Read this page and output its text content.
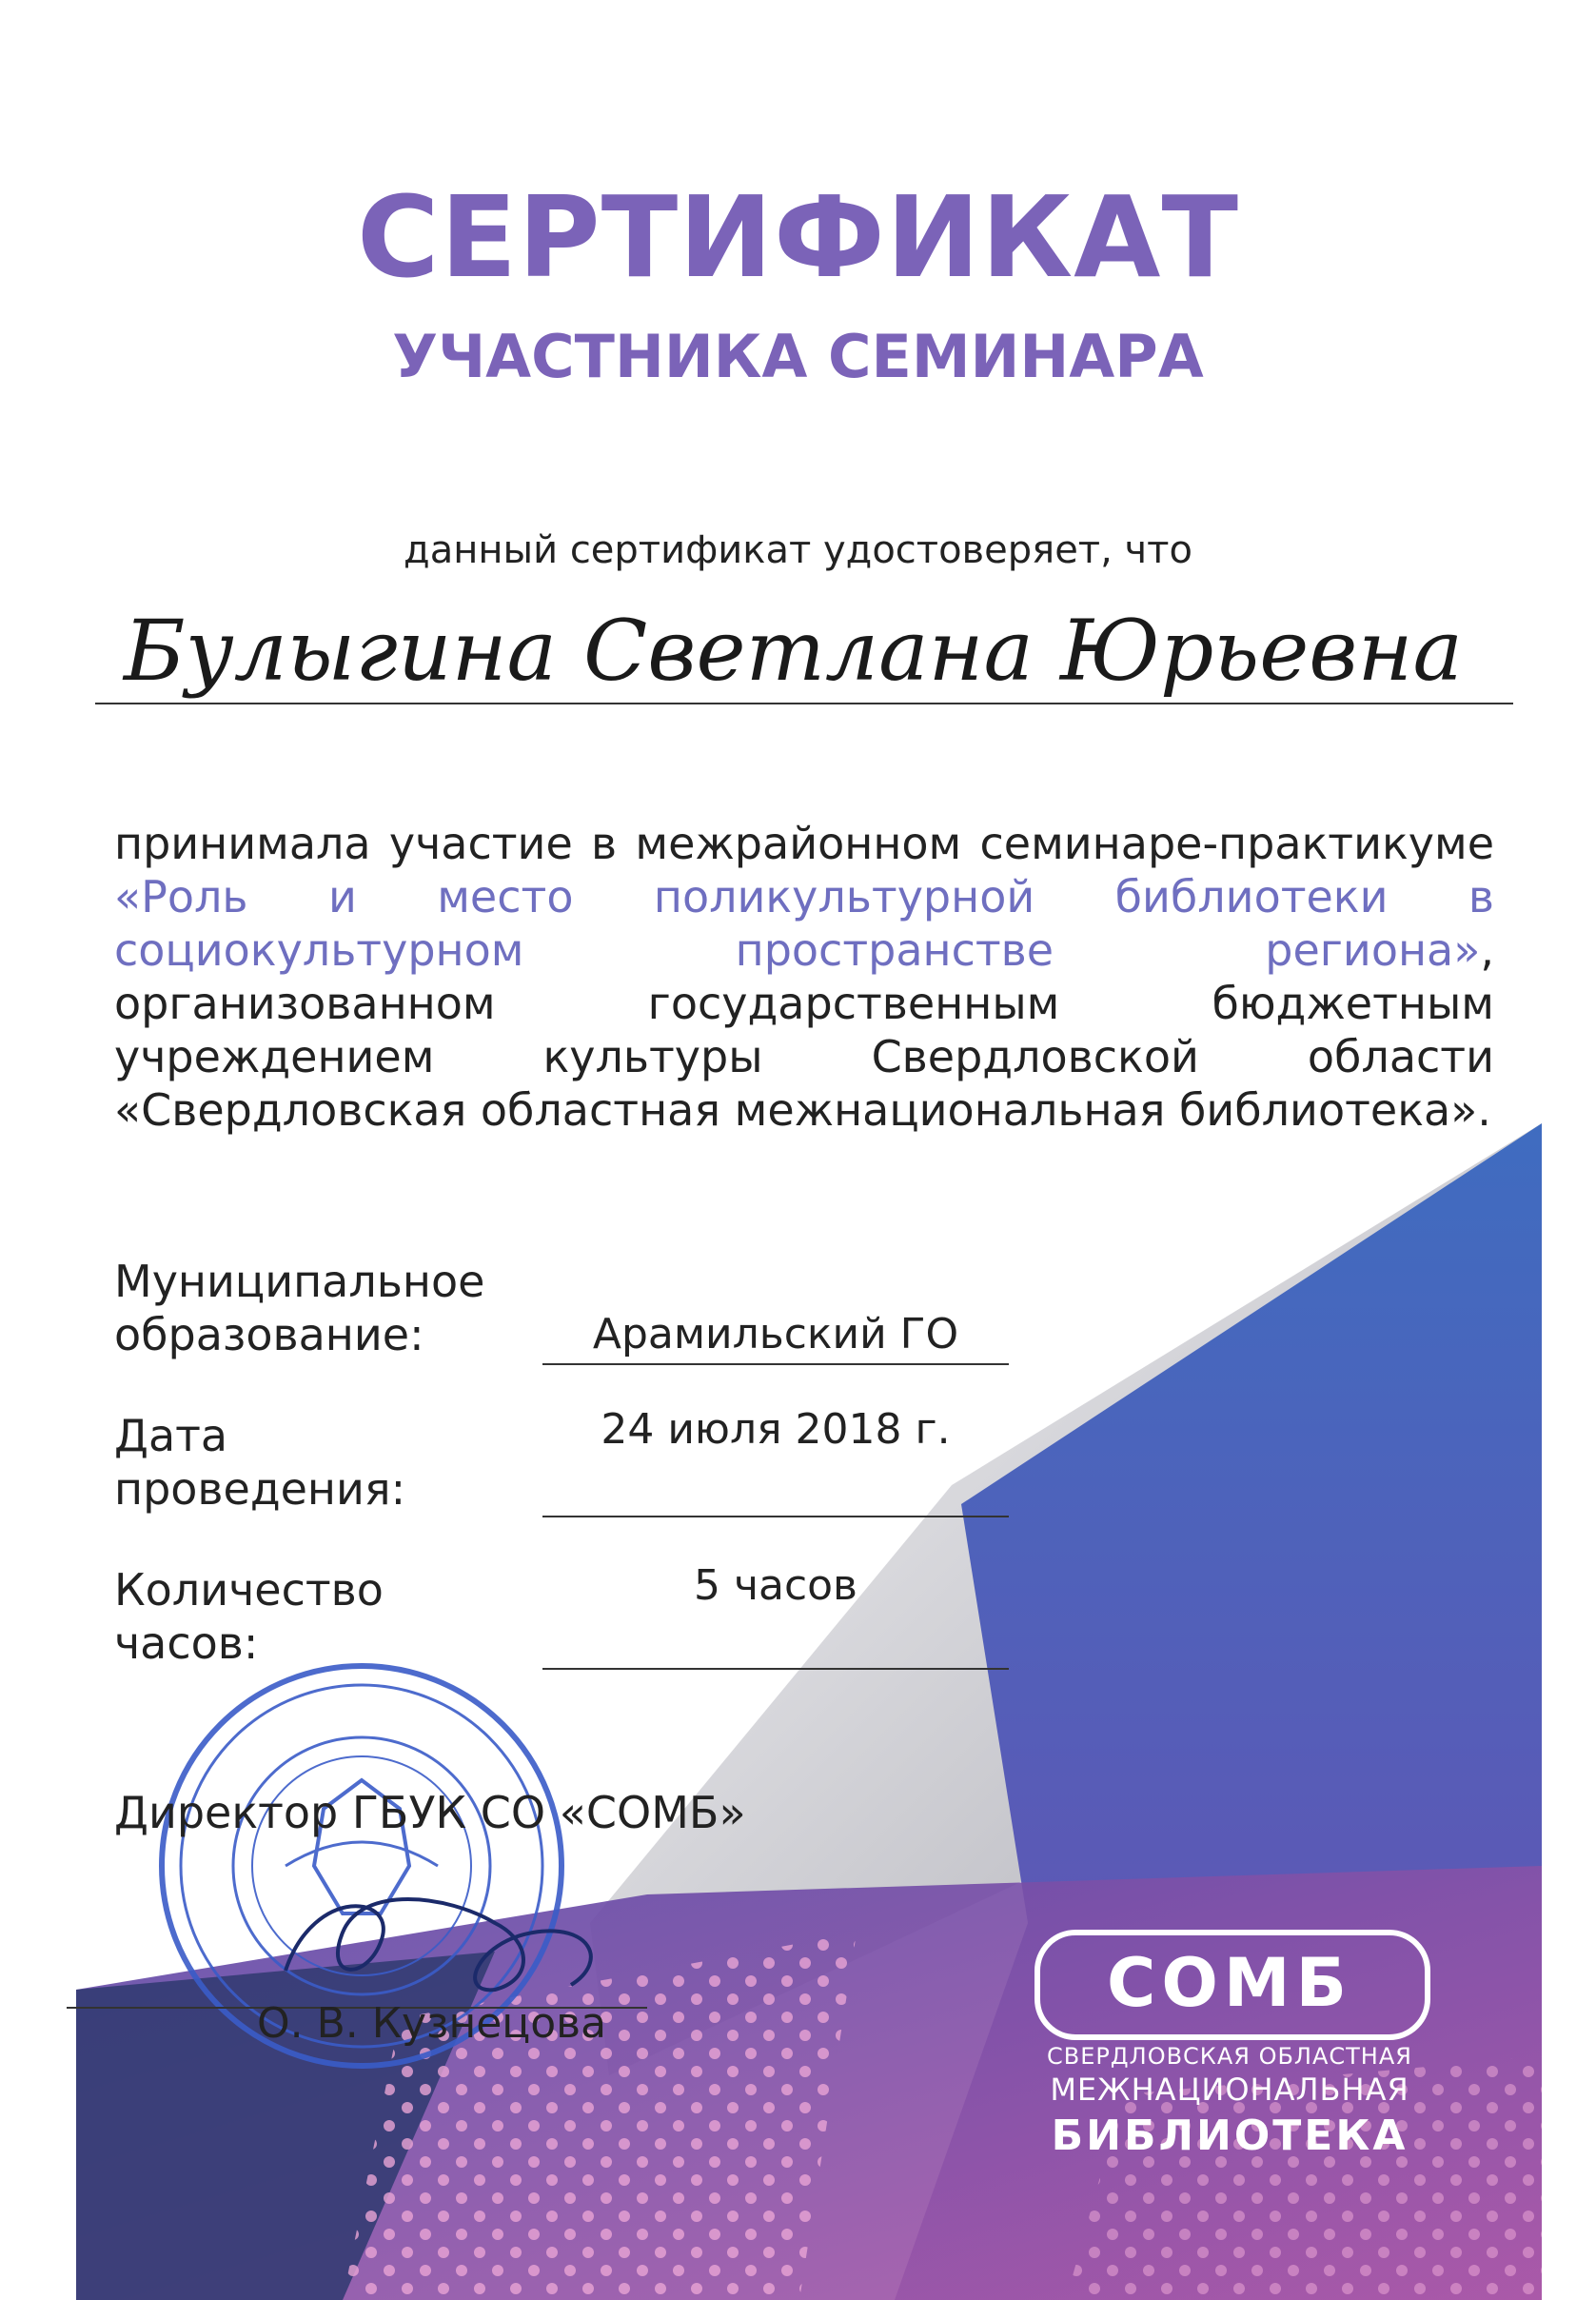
СЕРТИФИКАТ
УЧАСТНИКА СЕМИНАРА
данный сертификат удостоверяет, что
Булыгина Светлана Юрьевна
принимала участие в межрайонном семинаре-практикуме «Роль и место поликультурной библиотеки в социокультурном пространстве региона», организованном государственным бюджетным учреждением культуры Свердловской области «Свердловская областная межнациональная библиотека».
Муниципальное образование:	Арамильский ГО
Дата проведения:
24 июля 2018 г.
Количество часов:
5 часов
Директор ГБУК СО «СОМБ»
О. В. Кузнецова
СОМБ
СВЕРДЛОВСКАЯ ОБЛАСТНАЯ
МЕЖНАЦИОНАЛЬНАЯ
БИБЛИОТЕКА
